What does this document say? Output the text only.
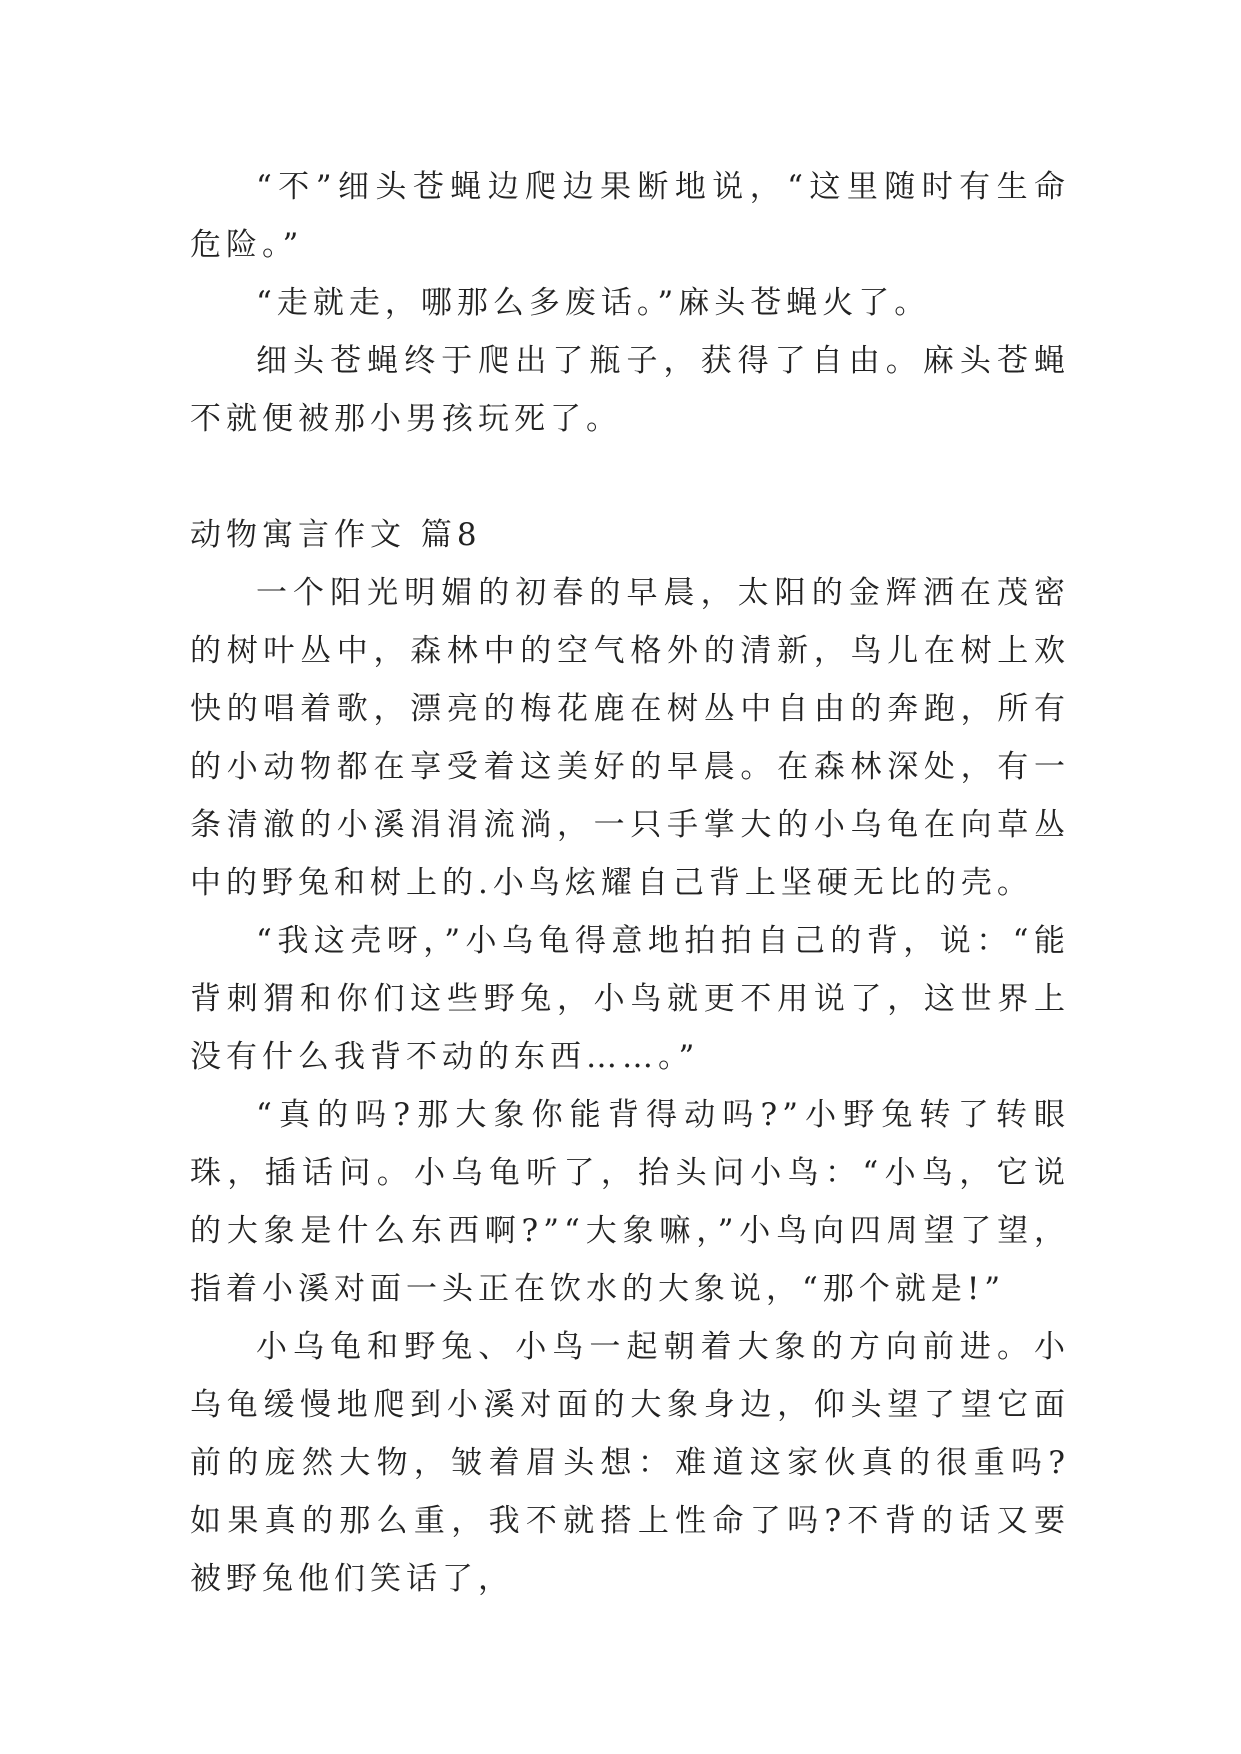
“不”细头苍蝇边爬边果断地说，“这里随时有生命危险。”

“走就走，哪那么多废话。”麻头苍蝇火了。

细头苍蝇终于爬出了瓶子，获得了自由。麻头苍蝇不就便被那小男孩玩死了。

动物寓言作文 篇8

一个阳光明媚的初春的早晨，太阳的金辉洒在茂密的树叶丛中，森林中的空气格外的清新，鸟儿在树上欢快的唱着歌，漂亮的梅花鹿在树丛中自由的奔跑，所有的小动物都在享受着这美好的早晨。在森林深处，有一条清澈的小溪涓涓流淌，一只手掌大的小乌龟在向草丛中的野兔和树上的.小鸟炫耀自己背上坚硬无比的壳。

“我这壳呀，”小乌龟得意地拍拍自己的背，说：“能背刺猬和你们这些野兔，小鸟就更不用说了，这世界上没有什么我背不动的东西……。”

“真的吗?那大象你能背得动吗?”小野兔转了转眼珠，插话问。小乌龟听了，抬头问小鸟：“小鸟，它说的大象是什么东西啊?”“大象嘛，”小鸟向四周望了望，指着小溪对面一头正在饮水的大象说，“那个就是!”

小乌龟和野兔、小鸟一起朝着大象的方向前进。小乌龟缓慢地爬到小溪对面的大象身边，仰头望了望它面前的庞然大物，皱着眉头想：难道这家伙真的很重吗?如果真的那么重，我不就搭上性命了吗?不背的话又要被野兔他们笑话了，
